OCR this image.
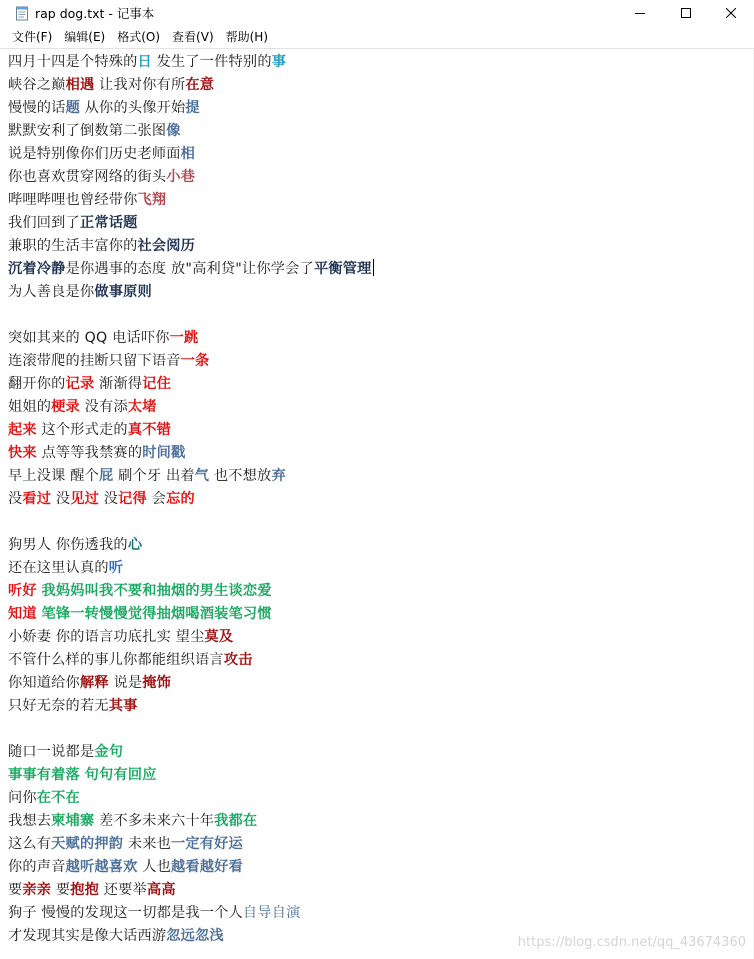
rap dog.txt - 记事本
文件(F)	编辑(E)	格式(O)	查看(V)	帮助(H)
四月十四是个特殊的日 发生了一件特别的事
峡谷之巅相遇 让我对你有所在意
慢慢的话题 从你的头像开始提
默默安利了倒数第二张图像
说是特别像你们历史老师面相
你也喜欢贯穿网络的街头小巷
哔哩哔哩也曾经带你飞翔
我们回到了正常话题
兼职的生活丰富你的社会阅历
沉着冷静是你遇事的态度 放"高利贷"让你学会了平衡管理
为人善良是你做事原则
突如其来的 QQ 电话吓你一跳
连滚带爬的挂断只留下语音一条
翻开你的记录 渐渐得记住
姐姐的梗录 没有添太堵
起来 这个形式走的真不错
快来 点等等我禁赛的时间戳
早上没课 醒个屁 刷个牙 出着气 也不想放弃
没看过 没见过 没记得 会忘的
狗男人 你伤透我的心
还在这里认真的听
听好 我妈妈叫我不要和抽烟的男生谈恋爱
知道 笔锋一转慢慢觉得抽烟喝酒装笔习惯
小娇妻 你的语言功底扎实 望尘莫及
不管什么样的事儿你都能组织语言攻击
你知道给你解释 说是掩饰
只好无奈的若无其事
随口一说都是金句
事事有着落 句句有回应
问你在不在
我想去柬埔寨 差不多未来六十年我都在
这么有天赋的押韵 未来也一定有好运
你的声音越听越喜欢 人也越看越好看
要亲亲 要抱抱 还要举高高
狗子 慢慢的发现这一切都是我一个人自导自演
才发现其实是像大话西游忽远忽浅	https://blog.csdn.net/qq_43674360
